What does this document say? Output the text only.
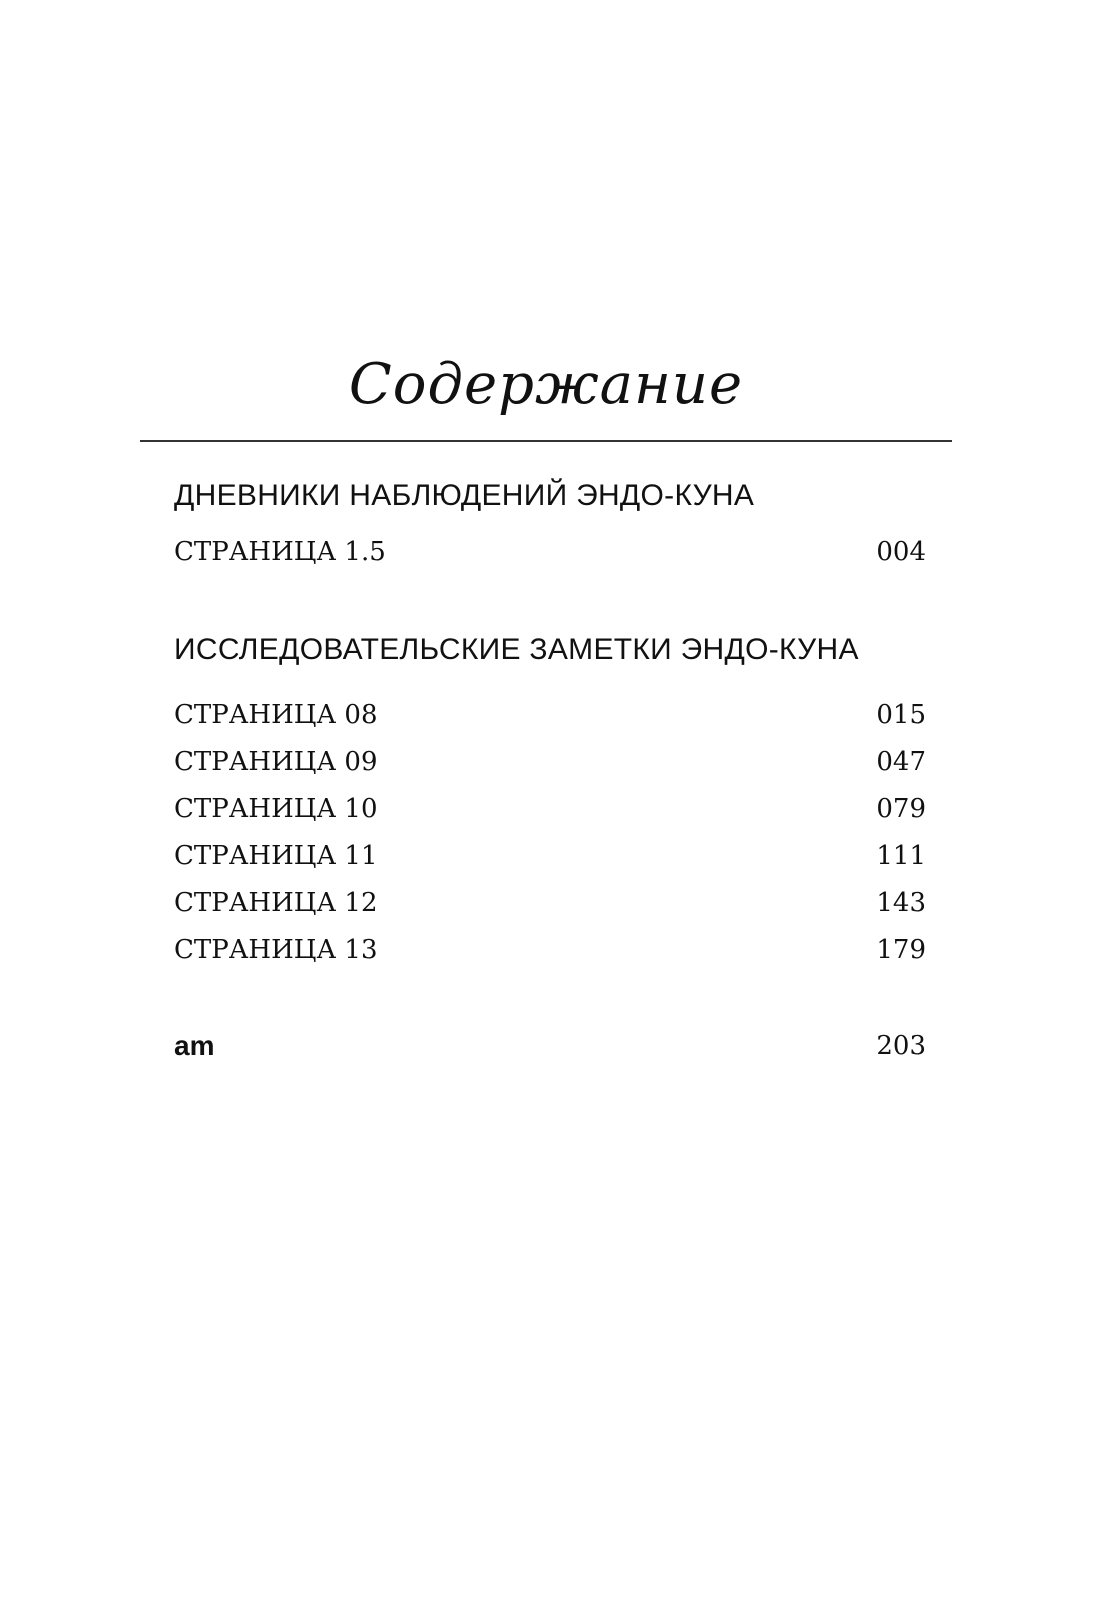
Содержание
ДНЕВНИКИ НАБЛЮДЕНИЙ ЭНДО-КУНА
СТРАНИЦА 1.5	004
ИССЛЕДОВАТЕЛЬСКИЕ ЗАМЕТКИ ЭНДО-КУНА
СТРАНИЦА 08	015
СТРАНИЦА 09	047
СТРАНИЦА 10	079
СТРАНИЦА 11	111
СТРАНИЦА 12	143
СТРАНИЦА 13	179
am	203
